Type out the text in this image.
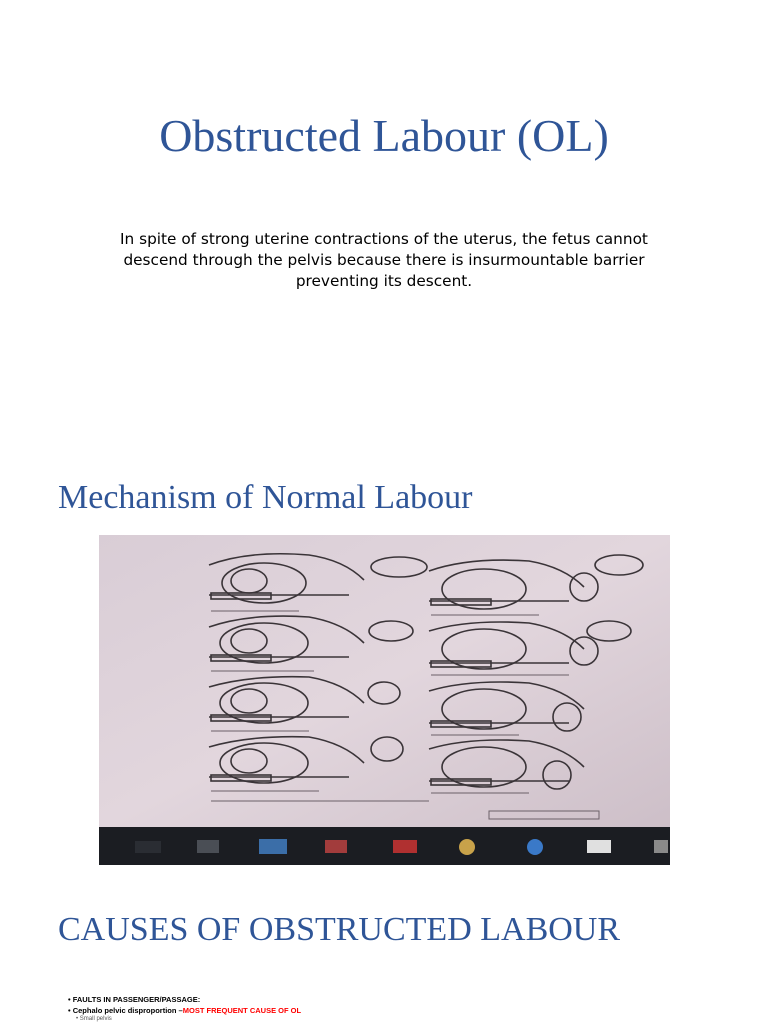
Obstructed Labour (OL)
In spite of strong uterine contractions of the uterus, the fetus cannot
descend through the pelvis because there is insurmountable barrier
preventing its descent.
Mechanism of Normal Labour
CAUSES OF OBSTRUCTED LABOUR
• FAULTS IN PASSENGER/PASSAGE:
• Cephalo pelvic disproportion –MOST FREQUENT CAUSE OF OL
• Small pelvis
